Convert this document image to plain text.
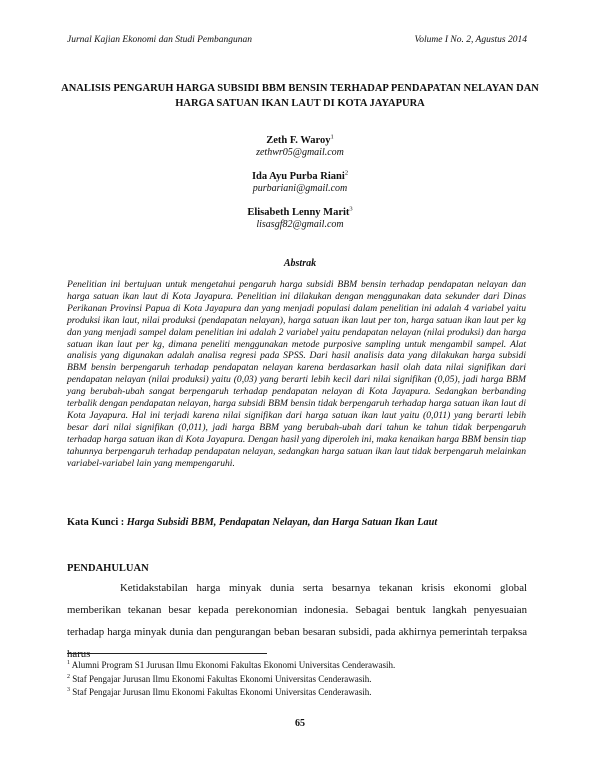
Jurnal Kajian Ekonomi dan Studi Pembangunan	Volume I No. 2, Agustus 2014
ANALISIS PENGARUH HARGA SUBSIDI BBM BENSIN TERHADAP PENDAPATAN NELAYAN DAN HARGA SATUAN IKAN LAUT DI KOTA JAYAPURA
Zeth F. Waroy$^1$
zethwr05@gmail.com
Ida Ayu Purba Riani$^2$
purbariani@gmail.com
Elisabeth Lenny Marit$^3$
lisasgf82@gmail.com
Abstrak

Penelitian ini bertujuan untuk mengetahui pengaruh harga subsidi BBM bensin terhadap pendapatan nelayan dan harga satuan ikan laut di Kota Jayapura. Penelitian ini dilakukan dengan menggunakan data sekunder dari Dinas Perikanan Provinsi Papua di Kota Jayapura dan yang menjadi populasi dalam penelitian ini adalah 4 variabel yaitu produksi ikan laut, nilai produksi (pendapatan nelayan), harga satuan ikan laut per ton, harga satuan ikan laut per kg dan yang menjadi sampel dalam penelitian ini adalah 2 variabel yaitu pendapatan nelayan (nilai produksi) dan harga satuan ikan laut per kg, dimana peneliti menggunakan metode purposive sampling untuk mengambil sampel. Alat analisis yang digunakan adalah analisa regresi pada SPSS. Dari hasil analisis data yang dilakukan harga subsidi BBM bensin berpengaruh terhadap pendapatan nelayan karena berdasarkan hasil olah data nilai signifikan dari pendapatan nelayan (nilai produksi) yaitu (0,03) yang berarti lebih kecil dari nilai signifikan (0,05), jadi harga BBM yang berubah-ubah sangat berpengaruh terhadap pendapatan nelayan di Kota Jayapura. Sedangkan berbanding terbalik dengan pendapatan nelayan, harga subsidi BBM bensin tidak berpengaruh terhadap harga satuan ikan laut di Kota Jayapura. Hal ini terjadi karena nilai signifikan dari harga satuan ikan laut yaitu (0,011) yang berarti lebih besar dari nilai signifikan (0,011), jadi harga BBM yang berubah-ubah dari tahun ke tahun tidak berpengaruh terhadap harga satuan ikan di Kota Jayapura. Dengan hasil yang diperoleh ini, maka kenaikan harga BBM bensin tiap tahunnya berpengaruh terhadap pendapatan nelayan, sedangkan harga satuan ikan laut tidak berpengaruh melainkan variabel-variabel lain yang mempengaruhi.

Kata Kunci : Harga Subsidi BBM, Pendapatan Nelayan, dan Harga Satuan Ikan Laut
PENDAHULUAN

Ketidakstabilan harga minyak dunia serta besarnya tekanan krisis ekonomi global memberikan tekanan besar kepada perekonomian indonesia. Sebagai bentuk langkah penyesuaian terhadap harga minyak dunia dan pengurangan beban besaran subsidi, pada akhirnya pemerintah terpaksa harus

$^1$ Alumni Program S1 Jurusan Ilmu Ekonomi Fakultas Ekonomi Universitas Cenderawasih.
$^2$ Staf Pengajar Jurusan Ilmu Ekonomi Fakultas Ekonomi Universitas Cenderawasih.
$^3$ Staf Pengajar Jurusan Ilmu Ekonomi Fakultas Ekonomi Universitas Cenderawasih.
65
